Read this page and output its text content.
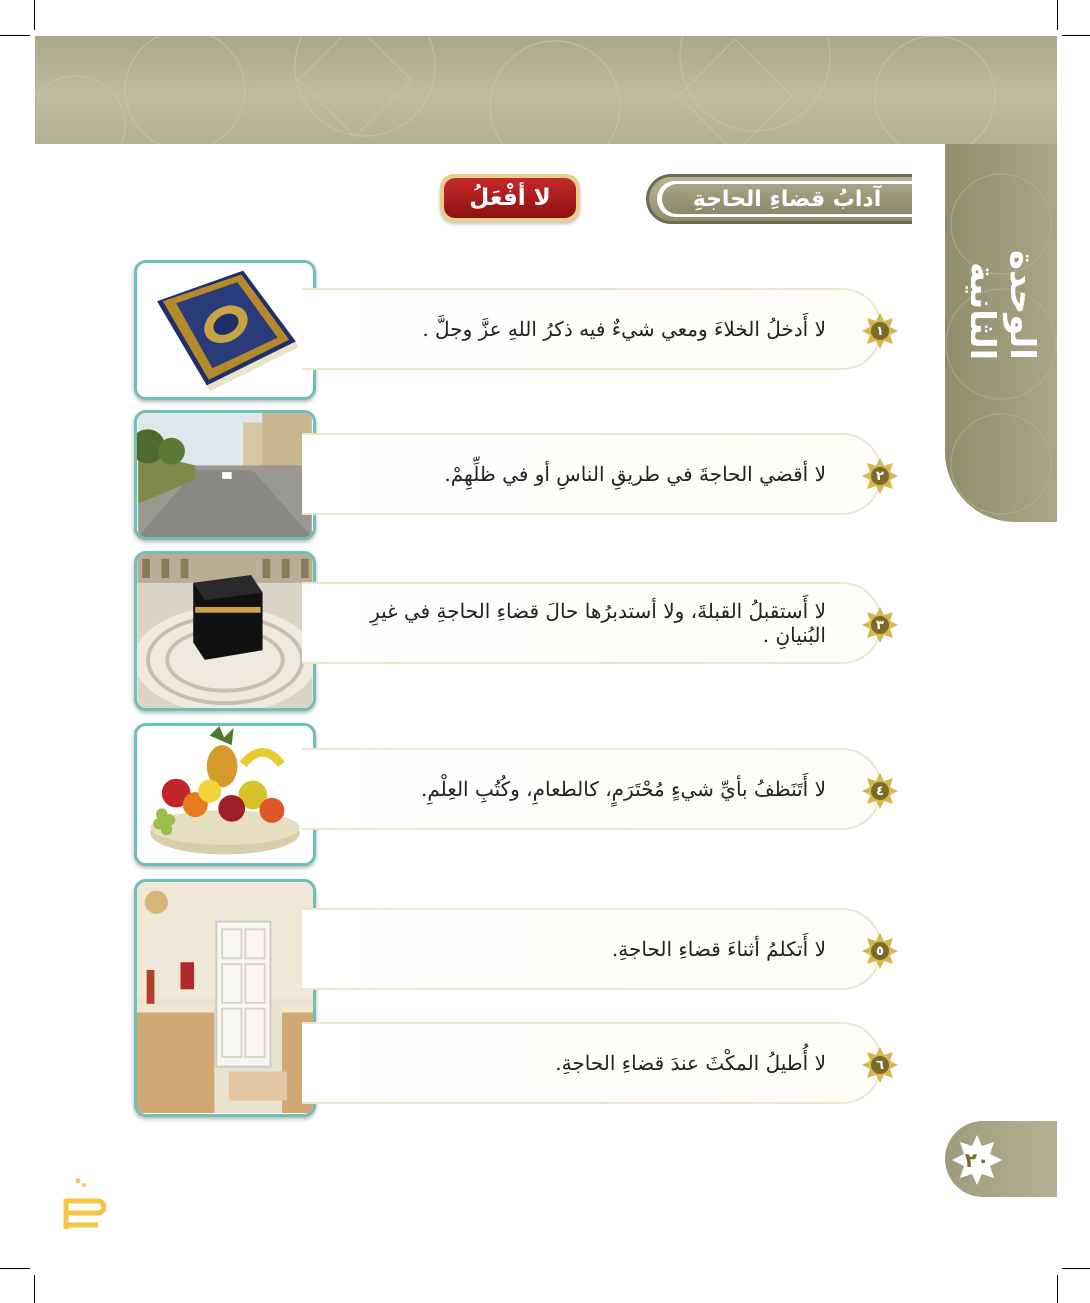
الوحدة الثانية
آدابُ قضاءِ الحاجةِ
لا أفْعَلُ
١
لا أَدخلُ الخلاءَ ومعي شيءٌ فيه ذكرُ اللهِ عزَّ وجلَّ .
٢
لا أقضي الحاجةَ في طريقِ الناسِ أو في ظلِّهِمْ.
٣
لا أَستقبلُ القبلةَ، ولا أستدبرُها حالَ قضاءِ الحاجةِ في غيرِ البُنيانِ .
٤
لا أَتَنَظفُ بأيِّ شيءٍ مُحْتَرَمٍ، كالطعامِ، وكُتُبِ العِلْمِ.
٥
لا أَتكلمُ أثناءَ قضاءِ الحاجةِ.
٦
لا أُطيلُ المكْثَ عندَ قضاءِ الحاجةِ.
٢٠
